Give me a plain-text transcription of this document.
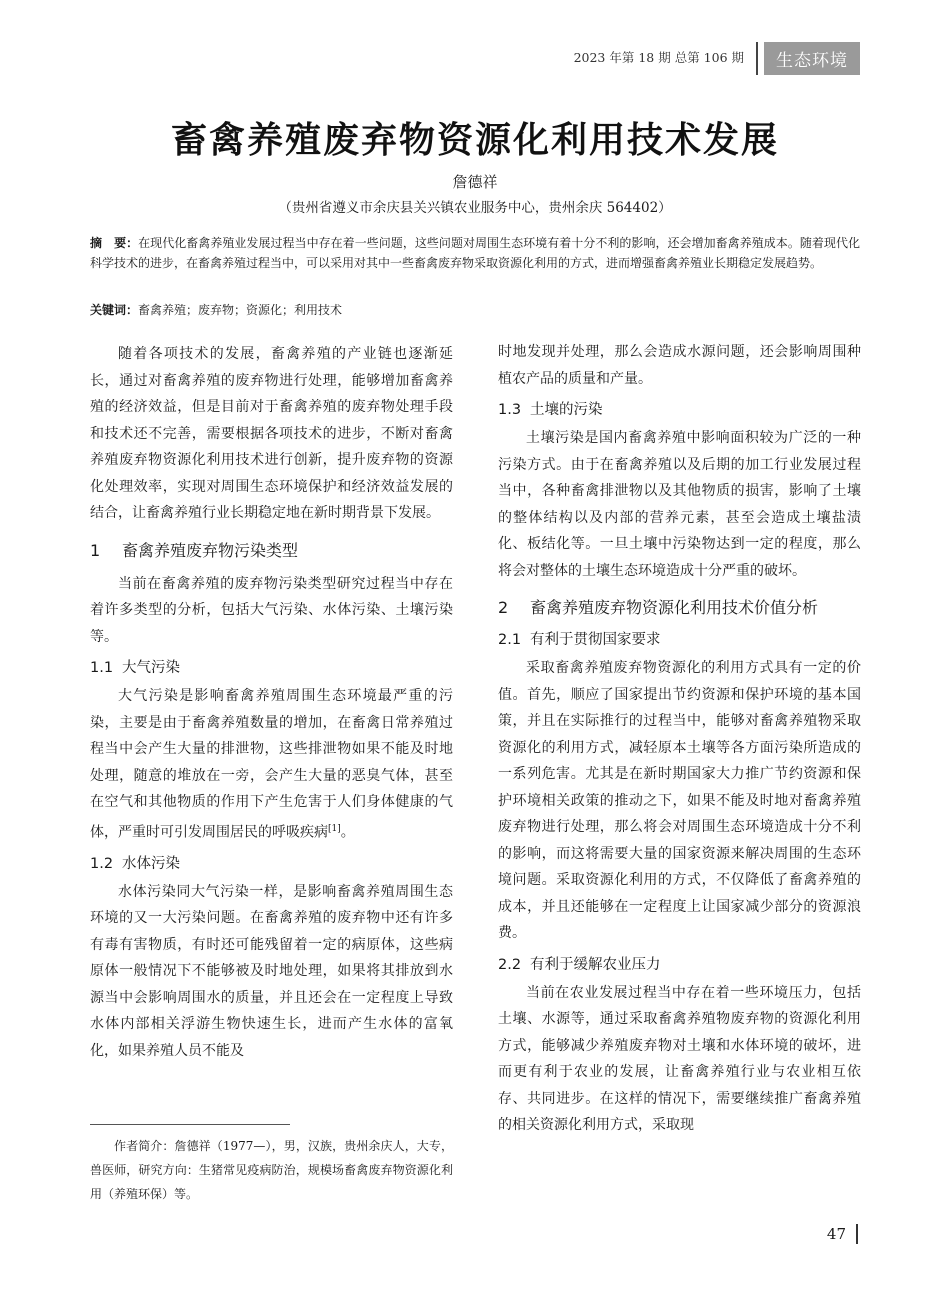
2023 年第 18 期 总第 106 期	生态环境
畜禽养殖废弃物资源化利用技术发展
詹德祥
（贵州省遵义市余庆县关兴镇农业服务中心，贵州余庆 564402）
摘　要：在现代化畜禽养殖业发展过程当中存在着一些问题，这些问题对周围生态环境有着十分不利的影响，还会增加畜禽养殖成本。随着现代化科学技术的进步，在畜禽养殖过程当中，可以采用对其中一些畜禽废弃物采取资源化利用的方式，进而增强畜禽养殖业长期稳定发展趋势。
关键词：畜禽养殖；废弃物；资源化；利用技术

随着各项技术的发展，畜禽养殖的产业链也逐渐延长，通过对畜禽养殖的废弃物进行处理，能够增加畜禽养殖的经济效益，但是目前对于畜禽养殖的废弃物处理手段和技术还不完善，需要根据各项技术的进步，不断对畜禽养殖废弃物资源化利用技术进行创新，提升废弃物的资源化处理效率，实现对周围生态环境保护和经济效益发展的结合，让畜禽养殖行业长期稳定地在新时期背景下发展。

1 畜禽养殖废弃物污染类型

当前在畜禽养殖的废弃物污染类型研究过程当中存在着许多类型的分析，包括大气污染、水体污染、土壤污染等。

1.1 大气污染

大气污染是影响畜禽养殖周围生态环境最严重的污染，主要是由于畜禽养殖数量的增加，在畜禽日常养殖过程当中会产生大量的排泄物，这些排泄物如果不能及时地处理，随意的堆放在一旁，会产生大量的恶臭气体，甚至在空气和其他物质的作用下产生危害于人们身体健康的气体，严重时可引发周围居民的呼吸疾病[1]。

1.2 水体污染

水体污染同大气污染一样，是影响畜禽养殖周围生态环境的又一大污染问题。在畜禽养殖的废弃物中还有许多有毒有害物质，有时还可能残留着一定的病原体，这些病原体一般情况下不能够被及时地处理，如果将其排放到水源当中会影响周围水的质量，并且还会在一定程度上导致水体内部相关浮游生物快速生长，进而产生水体的富氧化，如果养殖人员不能及

时地发现并处理，那么会造成水源问题，还会影响周围种植农产品的质量和产量。

1.3 土壤的污染

土壤污染是国内畜禽养殖中影响面积较为广泛的一种污染方式。由于在畜禽养殖以及后期的加工行业发展过程当中，各种畜禽排泄物以及其他物质的损害，影响了土壤的整体结构以及内部的营养元素，甚至会造成土壤盐渍化、板结化等。一旦土壤中污染物达到一定的程度，那么将会对整体的土壤生态环境造成十分严重的破坏。

2 畜禽养殖废弃物资源化利用技术价值分析
2.1 有利于贯彻国家要求

采取畜禽养殖废弃物资源化的利用方式具有一定的价值。首先，顺应了国家提出节约资源和保护环境的基本国策，并且在实际推行的过程当中，能够对畜禽养殖物采取资源化的利用方式，减轻原本土壤等各方面污染所造成的一系列危害。尤其是在新时期国家大力推广节约资源和保护环境相关政策的推动之下，如果不能及时地对畜禽养殖废弃物进行处理，那么将会对周围生态环境造成十分不利的影响，而这将需要大量的国家资源来解决周围的生态环境问题。采取资源化利用的方式，不仅降低了畜禽养殖的成本，并且还能够在一定程度上让国家减少部分的资源浪费。

2.2 有利于缓解农业压力

当前在农业发展过程当中存在着一些环境压力，包括土壤、水源等，通过采取畜禽养殖物废弃物的资源化利用方式，能够减少养殖废弃物对土壤和水体环境的破坏，进而更有利于农业的发展，让畜禽养殖行业与农业相互依存、共同进步。在这样的情况下，需要继续推广畜禽养殖的相关资源化利用方式，采取现

作者简介：詹德祥（1977—），男，汉族，贵州余庆人，大专，兽医师，研究方向：生猪常见疫病防治，规模场畜禽废弃物资源化利用（养殖环保）等。
47
